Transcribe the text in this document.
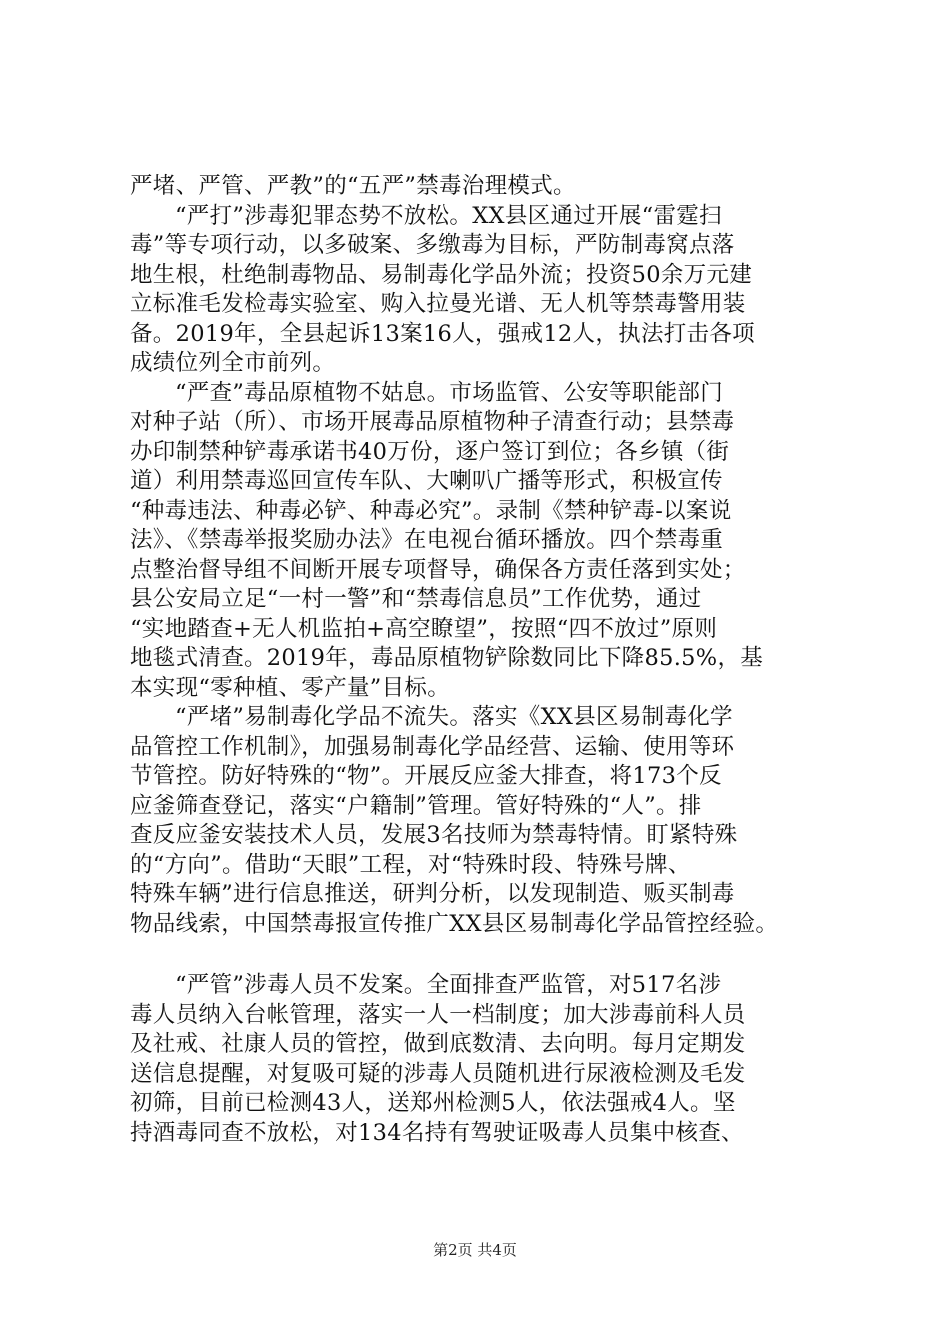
严堵、严管、严教”的“五严”禁毒治理模式。
“严打”涉毒犯罪态势不放松。XX县区通过开展“雷霆扫
毒”等专项行动，以多破案、多缴毒为目标，严防制毒窝点落
地生根，杜绝制毒物品、易制毒化学品外流；投资50余万元建
立标准毛发检毒实验室、购入拉曼光谱、无人机等禁毒警用装
备。2019年，全县起诉13案16人，强戒12人，执法打击各项
成绩位列全市前列。
“严查”毒品原植物不姑息。市场监管、公安等职能部门
对种子站（所）、市场开展毒品原植物种子清查行动；县禁毒
办印制禁种铲毒承诺书40万份，逐户签订到位；各乡镇（街
道）利用禁毒巡回宣传车队、大喇叭广播等形式，积极宣传
“种毒违法、种毒必铲、种毒必究”。录制《禁种铲毒-以案说
法》、《禁毒举报奖励办法》在电视台循环播放。四个禁毒重
点整治督导组不间断开展专项督导，确保各方责任落到实处；
县公安局立足“一村一警”和“禁毒信息员”工作优势，通过
“实地踏查+无人机监拍+高空瞭望”，按照“四不放过”原则
地毯式清查。2019年，毒品原植物铲除数同比下降85.5%，基
本实现“零种植、零产量”目标。
“严堵”易制毒化学品不流失。落实《XX县区易制毒化学
品管控工作机制》，加强易制毒化学品经营、运输、使用等环
节管控。防好特殊的“物”。开展反应釜大排查，将173个反
应釜筛查登记，落实“户籍制”管理。管好特殊的“人”。排
查反应釜安装技术人员，发展3名技师为禁毒特情。盯紧特殊
的“方向”。借助“天眼”工程，对“特殊时段、特殊号牌、
特殊车辆”进行信息推送，研判分析，以发现制造、贩买制毒
物品线索，中国禁毒报宣传推广XX县区易制毒化学品管控经验。
“严管”涉毒人员不发案。全面排查严监管，对517名涉
毒人员纳入台帐管理，落实一人一档制度；加大涉毒前科人员
及社戒、社康人员的管控，做到底数清、去向明。每月定期发
送信息提醒，对复吸可疑的涉毒人员随机进行尿液检测及毛发
初筛，目前已检测43人，送郑州检测5人，依法强戒4人。坚
持酒毒同查不放松，对134名持有驾驶证吸毒人员集中核查、
第2页 共4页
